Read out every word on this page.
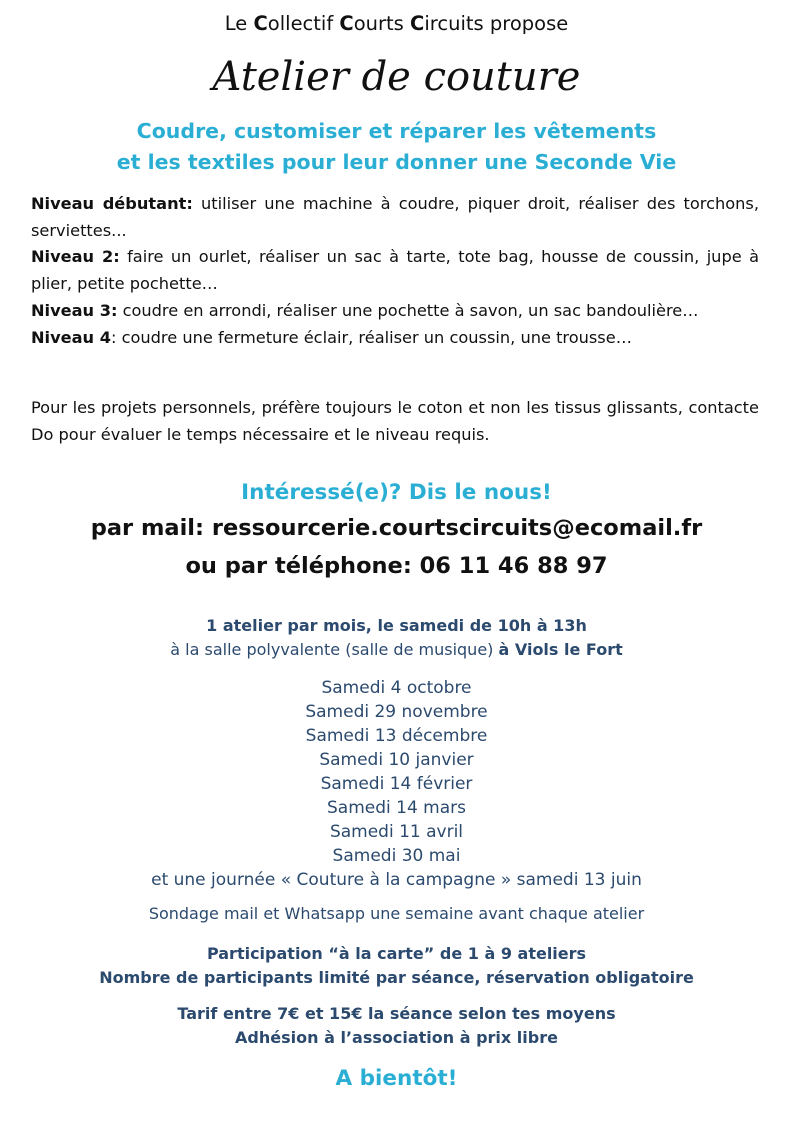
Le Collectif Courts Circuits propose
Atelier de couture
Coudre, customiser et réparer les vêtements
et les textiles pour leur donner une Seconde Vie

Niveau débutant: utiliser une machine à coudre, piquer droit, réaliser des torchons, serviettes...

Niveau 2: faire un ourlet, réaliser un sac à tarte, tote bag, housse de coussin, jupe à plier, petite pochette…

Niveau 3: coudre en arrondi, réaliser une pochette à savon, un sac bandoulière…

Niveau 4: coudre une fermeture éclair, réaliser un coussin, une trousse…

Pour les projets personnels, préfère toujours le coton et non les tissus glissants, contacte Do pour évaluer le temps nécessaire et le niveau requis.
Intéressé(e)? Dis le nous!
par mail: ressourcerie.courtscircuits@ecomail.fr
ou par téléphone: 06 11 46 88 97
1 atelier par mois, le samedi de 10h à 13h
à la salle polyvalente (salle de musique) à Viols le Fort
Samedi 4 octobre
Samedi 29 novembre
Samedi 13 décembre
Samedi 10 janvier
Samedi 14 février
Samedi 14 mars
Samedi 11 avril
Samedi 30 mai
et une journée « Couture à la campagne » samedi 13 juin
Sondage mail et Whatsapp une semaine avant chaque atelier
Participation “à la carte” de 1 à 9 ateliers
Nombre de participants limité par séance, réservation obligatoire
Tarif entre 7€ et 15€ la séance selon tes moyens
Adhésion à l’association à prix libre
A bientôt!
